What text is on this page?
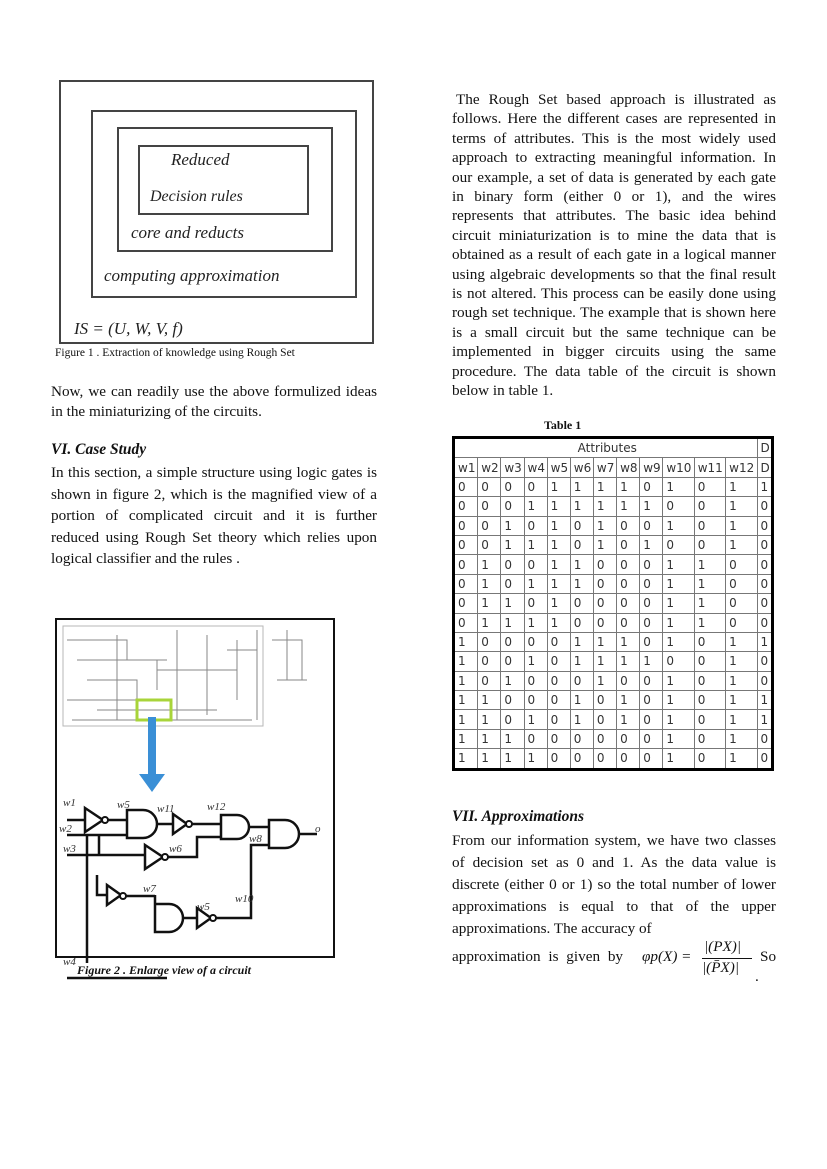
Reduced
Decision rules
core and reducts
computing approximation
IS = (U, W, V, f)
Figure 1 . Extraction of knowledge using Rough Set
Now, we can readily use the above formulized ideas in the miniaturizing of the circuits.
VI. Case Study
In this section, a simple structure using logic gates is shown in figure 2, which is the magnified view of a portion of complicated circuit and it is further reduced using Rough Set theory which relies upon logical classifier and the rules .
w1
w2
w3
w4
w5
w6
w7
w8
w5
w10
w11	w12
o
Figure 2 . Enlarge view of a circuit
The Rough Set based approach is illustrated as follows. Here the different cases are represented in terms of attributes. This is the most widely used approach to extracting meaningful information. In our example, a set of data is generated by each gate in binary form (either 0 or 1), and the wires represents that attributes. The basic idea behind circuit miniaturization is to mine the data that is obtained as a result of each gate in a logical manner using algebraic developments so that the final result is not altered. This process can be easily done using rough set technique. The example that is shown here is a small circuit but the same technique can be implemented in bigger circuits using the same procedure. The data table of the circuit is shown below in table 1.
Table 1
Attributes												D
w1	w2	w3	w4	w5	w6	w7	w8	w9	w10	w11	w12	D
0	0	0	0	1	1	1	1	0	1	0	1	1
0	0	0	1	1	1	1	1	1	0	0	1	0
0	0	1	0	1	0	1	0	0	1	0	1	0
0	0	1	1	1	0	1	0	1	0	0	1	0
0	1	0	0	1	1	0	0	0	1	1	0	0
0	1	0	1	1	1	0	0	0	1	1	0	0
0	1	1	0	1	0	0	0	0	1	1	0	0
0	1	1	1	1	0	0	0	0	1	1	0	0
1	0	0	0	0	1	1	1	0	1	0	1	1
1	0	0	1	0	1	1	1	1	0	0	1	0
1	0	1	0	0	0	1	0	0	1	0	1	0
1	1	0	0	0	1	0	1	0	1	0	1	1
1	1	0	1	0	1	0	1	0	1	0	1	1
1	1	1	0	0	0	0	0	0	1	0	1	0
1	1	1	1	0	0	0	0	0	1	0	1	0
VII. Approximations
From our information system, we have two classes of decision set as 0 and 1. As the data value is discrete (either 0 or 1) so the total number of lower approximations is equal to that of the upper approximations. The accuracy of
approximation is given by φp(X) =
|(PX)|
|(P̄X)|
So
.
